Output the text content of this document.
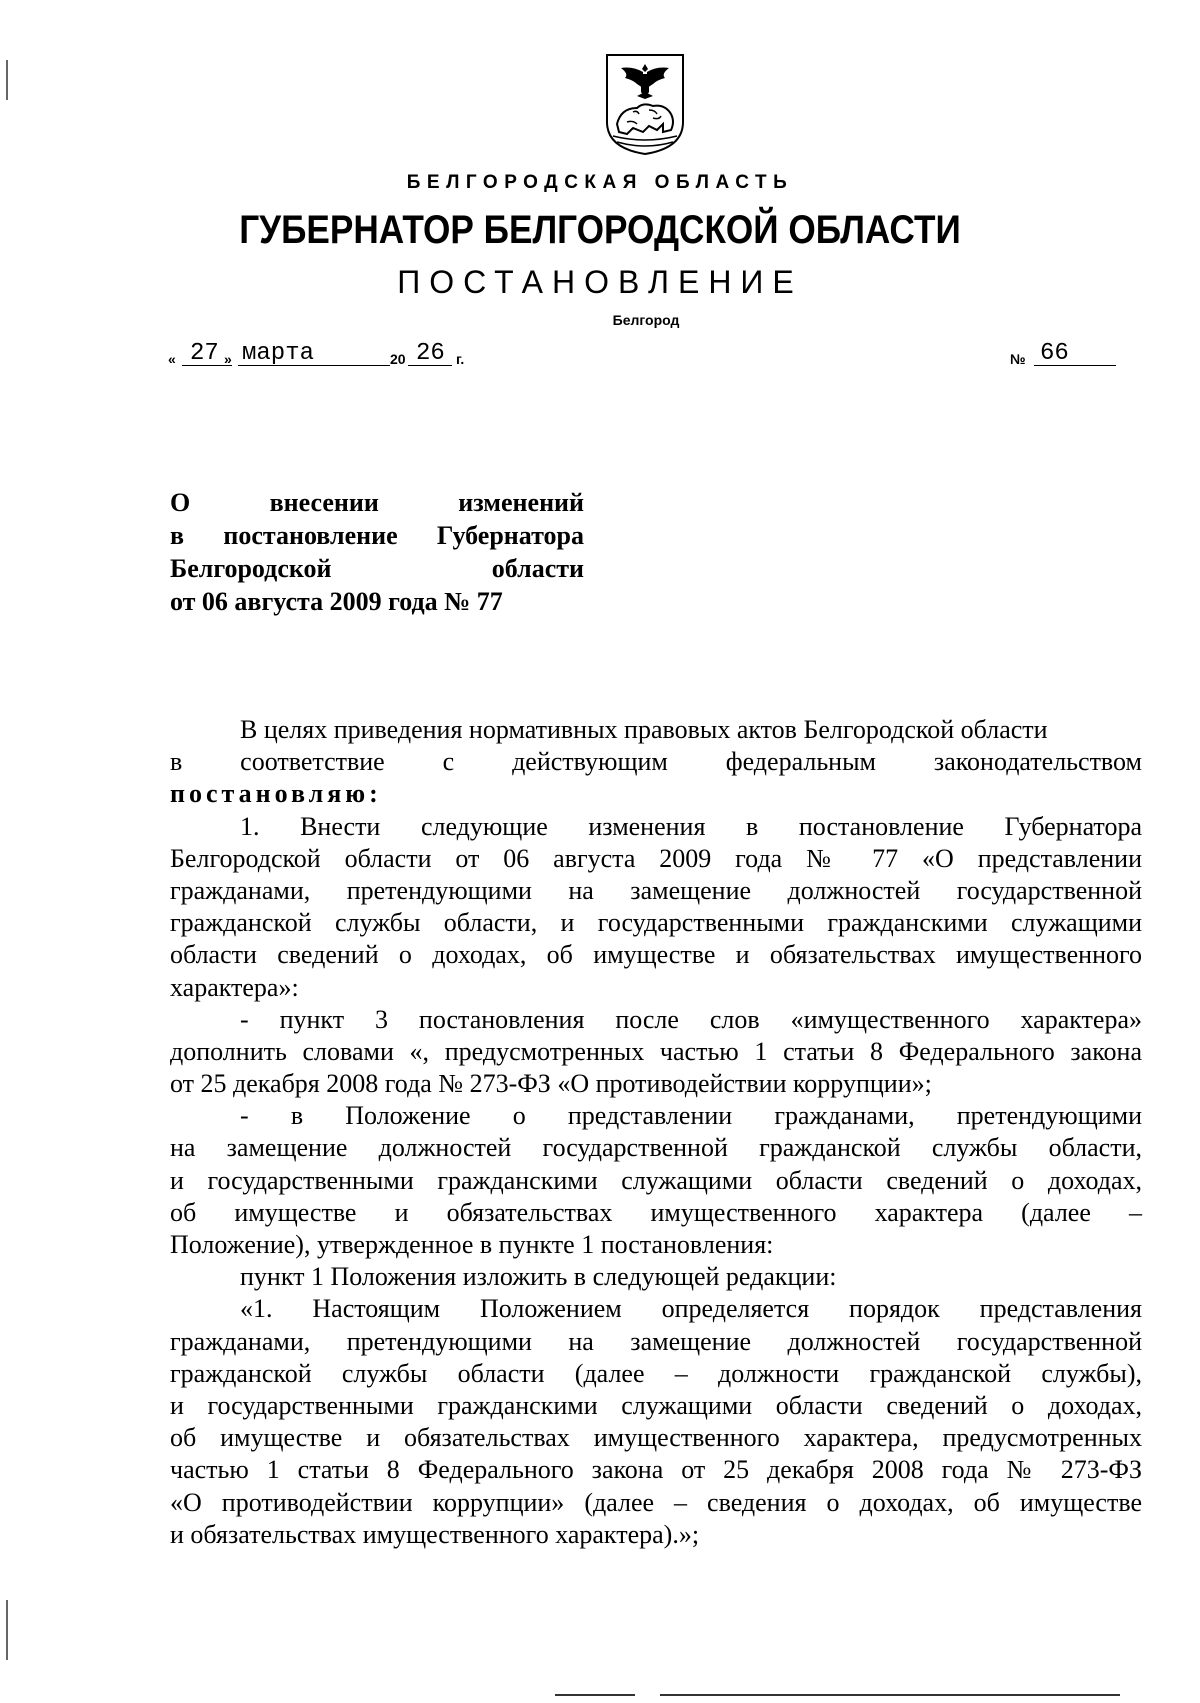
БЕЛГОРОДСКАЯ ОБЛАСТЬ
ГУБЕРНАТОР БЕЛГОРОДСКОЙ ОБЛАСТИ
ПОСТАНОВЛЕНИЕ
Белгород
« 27 » марта	20 26 г.	№ 66
О	внесении	изменений
в постановление Губернатора
Белгородской	области
от 06 августа 2009 года № 77
В целях приведения нормативных правовых актов Белгородской области
в соответствие с действующим федеральным законодательством
постановляю:
1. Внести следующие изменения в постановление Губернатора
Белгородской области от 06 августа 2009 года № 77 «О представлении
гражданами, претендующими на замещение должностей государственной
гражданской службы области, и государственными гражданскими служащими
области сведений о доходах, об имуществе и обязательствах имущественного
характера»:
- пункт 3 постановления после слов «имущественного характера»
дополнить словами «, предусмотренных частью 1 статьи 8 Федерального закона
от 25 декабря 2008 года № 273-ФЗ «О противодействии коррупции»;
- в Положение о представлении гражданами, претендующими
на замещение должностей государственной гражданской службы области,
и государственными гражданскими служащими области сведений о доходах,
об имуществе и обязательствах имущественного характера (далее –
Положение), утвержденное в пункте 1 постановления:
пункт 1 Положения изложить в следующей редакции:
«1. Настоящим Положением определяется порядок представления
гражданами, претендующими на замещение должностей государственной
гражданской службы области (далее – должности гражданской службы),
и государственными гражданскими служащими области сведений о доходах,
об имуществе и обязательствах имущественного характера, предусмотренных
частью 1 статьи 8 Федерального закона от 25 декабря 2008 года № 273-ФЗ
«О противодействии коррупции» (далее – сведения о доходах, об имуществе
и обязательствах имущественного характера).»;
